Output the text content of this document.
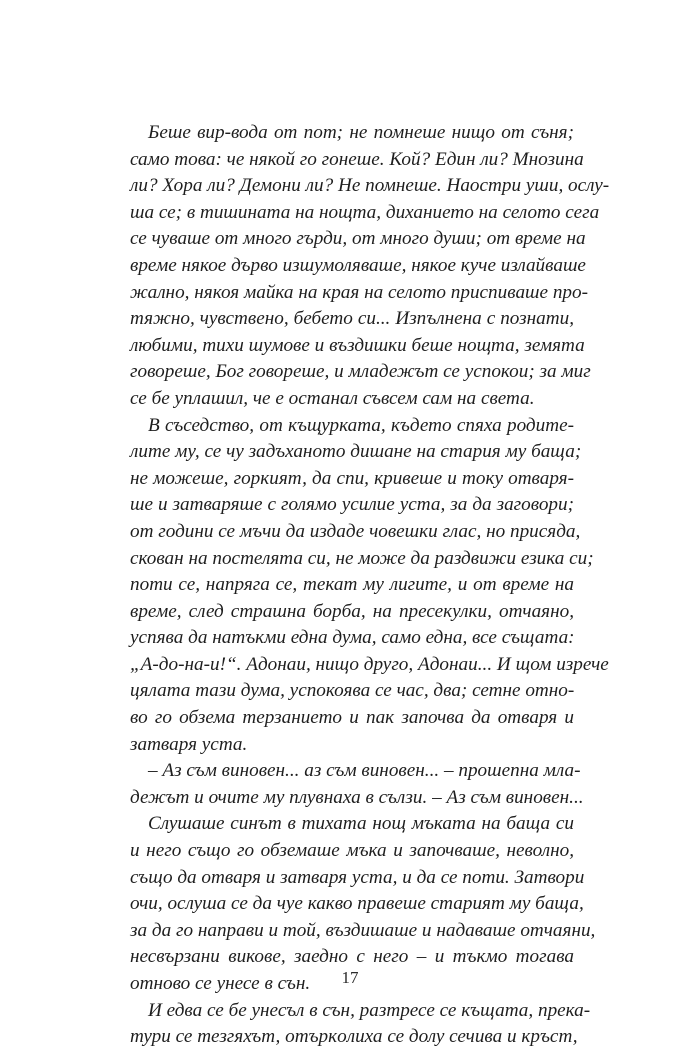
Беше вир-вода от пот; не помнеше нищо от съня;
само това: че някой го гонеше. Кой? Един ли? Мнозина
ли? Хора ли? Демони ли? Не помнеше. Наостри уши, ослу-
ша се; в тишината на нощта, диханието на селото сега
се чуваше от много гърди, от много души; от време на
време някое дърво изшумоляваше, някое куче излайваше
жално, някоя майка на края на селото приспиваше про-
тяжно, чувствено, бебето си... Изпълнена с познати,
любими, тихи шумове и въздишки беше нощта, земята
говореше, Бог говореше, и младежът се успокои; за миг
се бе уплашил, че е останал съвсем сам на света.

В съседство, от къщурката, където спяха родите-
лите му, се чу задъханото дишане на стария му баща;
не можеше, горкият, да спи, кривеше и току отваря-
ше и затваряше с голямо усилие уста, за да заговори;
от години се мъчи да издаде човешки глас, но присяда,
скован на постелята си, не може да раздвижи езика си;
поти се, напряга се, текат му лигите, и от време на
време, след страшна борба, на пресекулки, отчаяно,
успява да натъкми една дума, само една, все същата:
„А-до-на-и!“. Адонаи, нищо друго, Адонаи... И щом изрече
цялата тази дума, успокоява се час, два; сетне отно-
во го обзема терзанието и пак започва да отваря и
затваря уста.

– Аз съм виновен... аз съм виновен... – прошепна мла-
дежът и очите му плувнаха в сълзи. – Аз съм виновен...

Слушаше синът в тихата нощ мъката на баща си
и него също го обземаше мъка и започваше, неволно,
също да отваря и затваря уста, и да се поти. Затвори
очи, ослуша се да чуе какво правеше старият му баща,
за да го направи и той, въздишаше и надаваше отчаяни,
несвързани викове, заедно с него – и тъкмо тогава
отново се унесе в сън.

И едва се бе унесъл в сън, разтресе се къщата, прека-
тури се тезгяхът, отъркoлиха се долу сечива и кръст,

17
